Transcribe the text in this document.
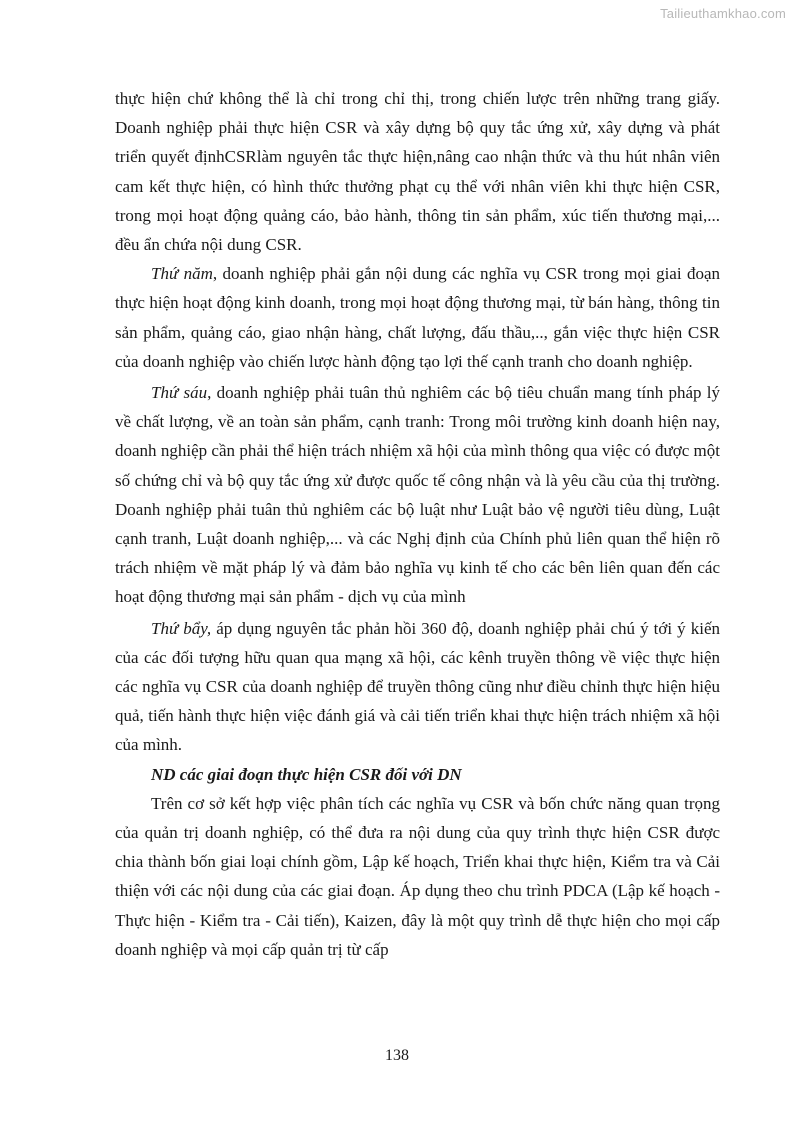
Tailieuthamkhao.com

thực hiện chứ không thể là chỉ trong chỉ thị, trong chiến lược trên những trang giấy. Doanh nghiệp phải thực hiện CSR và xây dựng bộ quy tắc ứng xử, xây dựng và phát triển quyết địnhCSRlàm nguyên tắc thực hiện,nâng cao nhận thức và thu hút nhân viên cam kết thực hiện, có hình thức thưởng phạt cụ thể với nhân viên khi thực hiện CSR, trong mọi hoạt động quảng cáo, bảo hành, thông tin sản phẩm, xúc tiến thương mại,... đều ẩn chứa nội dung CSR.

Thứ năm, doanh nghiệp phải gắn nội dung các nghĩa vụ CSR trong mọi giai đoạn thực hiện hoạt động kinh doanh, trong mọi hoạt động thương mại, từ bán hàng, thông tin sản phẩm, quảng cáo, giao nhận hàng, chất lượng, đấu thầu,.., gắn việc thực hiện CSR của doanh nghiệp vào chiến lược hành động tạo lợi thế cạnh tranh cho doanh nghiệp.

Thứ sáu, doanh nghiệp phải tuân thủ nghiêm các bộ tiêu chuẩn mang tính pháp lý về chất lượng, về an toàn sản phẩm, cạnh tranh: Trong môi trường kinh doanh hiện nay, doanh nghiệp cần phải thể hiện trách nhiệm xã hội của mình thông qua việc có được một số chứng chỉ và bộ quy tắc ứng xử được quốc tế công nhận và là yêu cầu của thị trường. Doanh nghiệp phải tuân thủ nghiêm các bộ luật như Luật bảo vệ người tiêu dùng, Luật cạnh tranh, Luật doanh nghiệp,... và các Nghị định của Chính phủ liên quan thể hiện rõ trách nhiệm về mặt pháp lý và đảm bảo nghĩa vụ kinh tế cho các bên liên quan đến các hoạt động thương mại sản phẩm - dịch vụ của mình

Thứ bẩy, áp dụng nguyên tắc phản hồi 360 độ, doanh nghiệp phải chú ý tới ý kiến của các đối tượng hữu quan qua mạng xã hội, các kênh truyền thông về việc thực hiện các nghĩa vụ CSR của doanh nghiệp để truyền thông cũng như điều chỉnh thực hiện hiệu quả, tiến hành thực hiện việc đánh giá và cải tiến triển khai thực hiện trách nhiệm xã hội của mình.

ND các giai đoạn thực hiện CSR đối với DN

Trên cơ sở kết hợp việc phân tích các nghĩa vụ CSR và bốn chức năng quan trọng của quản trị doanh nghiệp, có thể đưa ra nội dung của quy trình thực hiện CSR được chia thành bốn giai loại chính gồm, Lập kế hoạch, Triển khai thực hiện, Kiểm tra và Cải thiện với các nội dung của các giai đoạn. Áp dụng theo chu trình PDCA (Lập kế hoạch - Thực hiện - Kiểm tra - Cải tiến), Kaizen, đây là một quy trình dễ thực hiện cho mọi cấp doanh nghiệp và mọi cấp quản trị từ cấp

138
